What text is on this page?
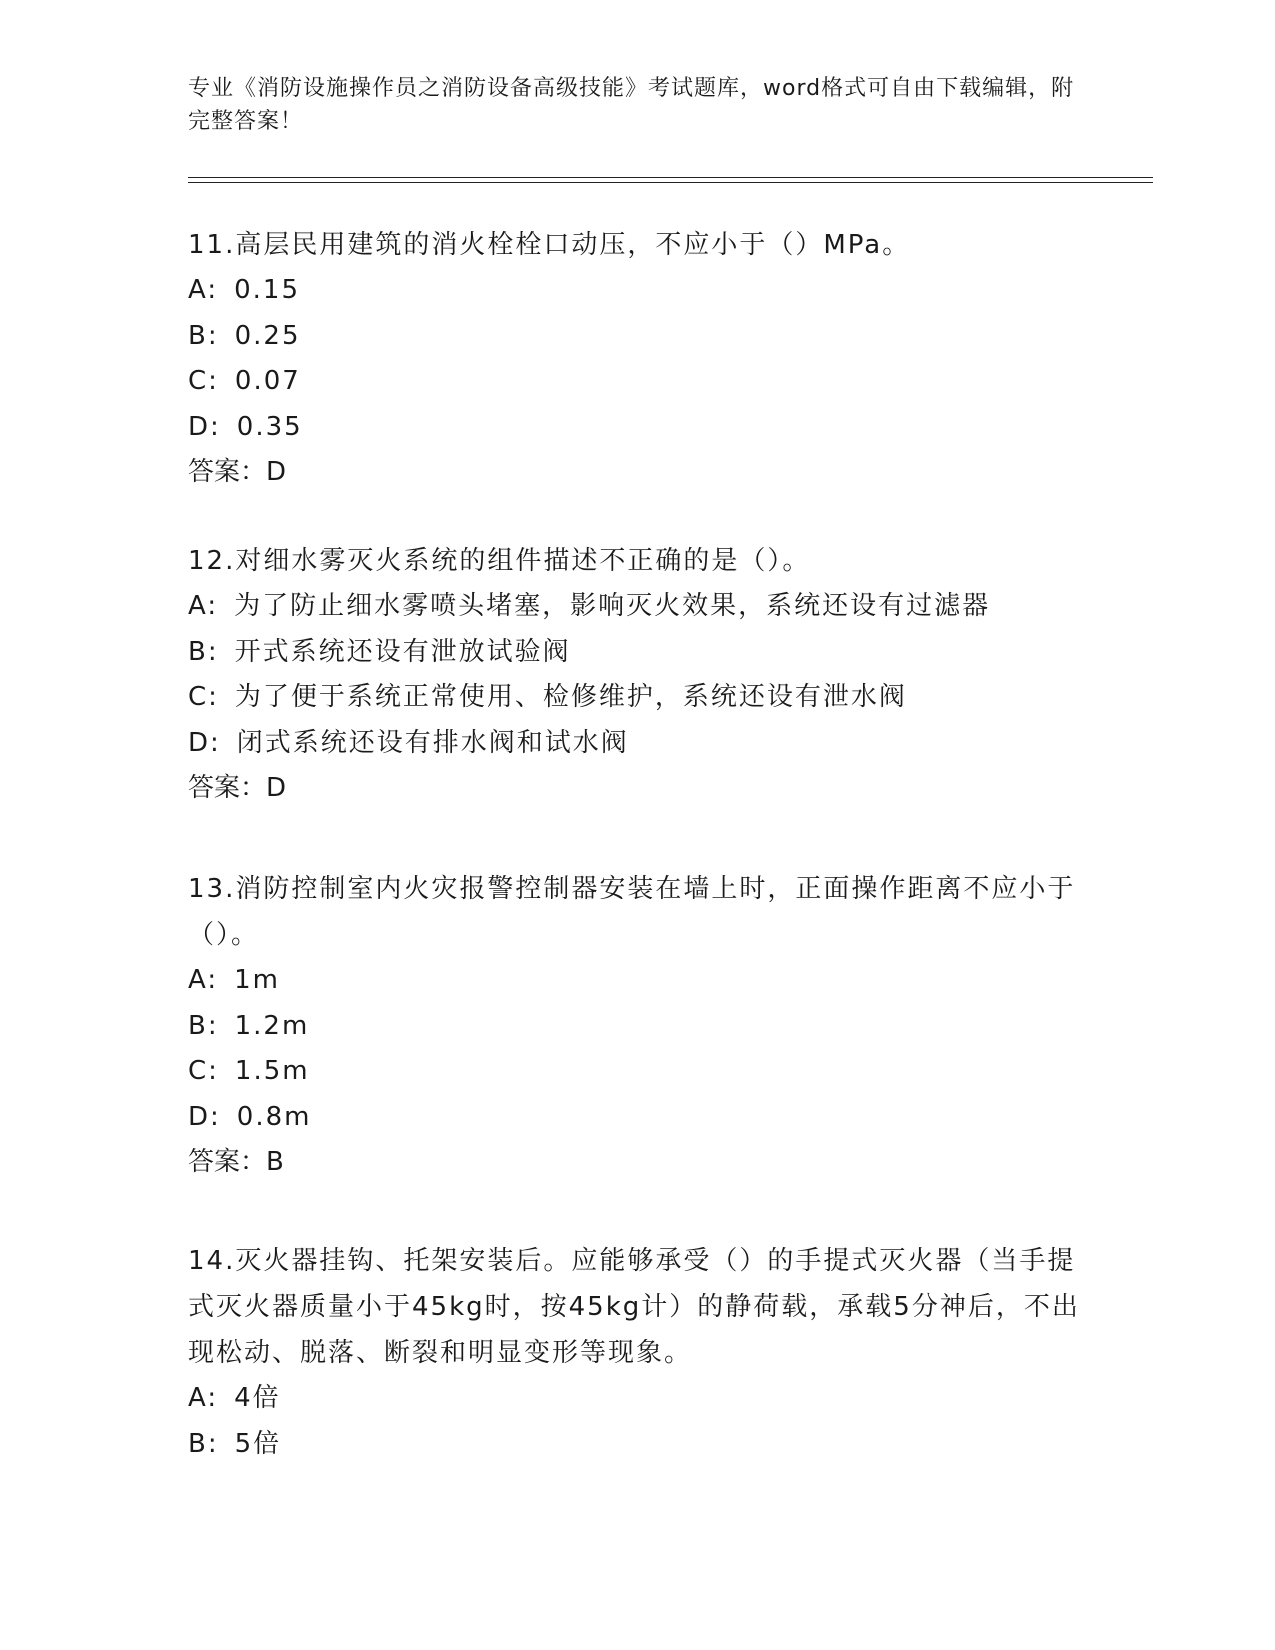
专业《消防设施操作员之消防设备高级技能》考试题库，word格式可自由下载编辑，附完整答案！
11.高层民用建筑的消火栓栓口动压，不应小于（）MPa。
A: 0.15
B: 0.25
C: 0.07
D: 0.35
答案：D
12.对细水雾灭火系统的组件描述不正确的是（）。
A: 为了防止细水雾喷头堵塞，影响灭火效果，系统还设有过滤器
B: 开式系统还设有泄放试验阀
C: 为了便于系统正常使用、检修维护，系统还设有泄水阀
D: 闭式系统还设有排水阀和试水阀
答案：D
13.消防控制室内火灾报警控制器安装在墙上时，正面操作距离不应小于（）。
A: 1m
B: 1.2m
C: 1.5m
D: 0.8m
答案：B
14.灭火器挂钩、托架安装后。应能够承受（）的手提式灭火器（当手提式灭火器质量小于45kg时，按45kg计）的静荷载，承载5分神后，不出现松动、脱落、断裂和明显变形等现象。
A: 4倍
B: 5倍
